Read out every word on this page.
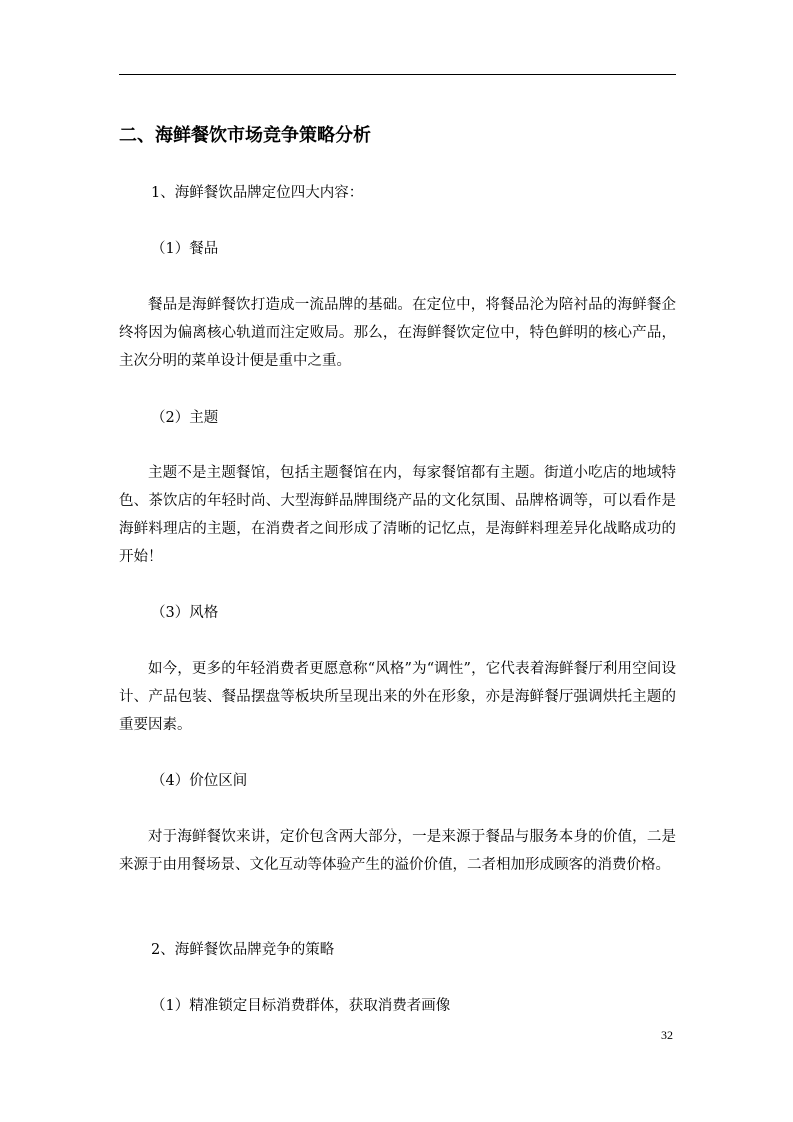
二、海鲜餐饮市场竞争策略分析

1、海鲜餐饮品牌定位四大内容：

（1）餐品

餐品是海鲜餐饮打造成一流品牌的基础。在定位中，将餐品沦为陪衬品的海鲜餐企终将因为偏离核心轨道而注定败局。那么，在海鲜餐饮定位中，特色鲜明的核心产品，主次分明的菜单设计便是重中之重。

（2）主题

主题不是主题餐馆，包括主题餐馆在内，每家餐馆都有主题。街道小吃店的地域特色、茶饮店的年轻时尚、大型海鲜品牌围绕产品的文化氛围、品牌格调等，可以看作是海鲜料理店的主题，在消费者之间形成了清晰的记忆点，是海鲜料理差异化战略成功的开始！

（3）风格

如今，更多的年轻消费者更愿意称“风格”为“调性”，它代表着海鲜餐厅利用空间设计、产品包装、餐品摆盘等板块所呈现出来的外在形象，亦是海鲜餐厅强调烘托主题的重要因素。

（4）价位区间

对于海鲜餐饮来讲，定价包含两大部分，一是来源于餐品与服务本身的价值，二是来源于由用餐场景、文化互动等体验产生的溢价价值，二者相加形成顾客的消费价格。

2、海鲜餐饮品牌竞争的策略

（1）精准锁定目标消费群体，获取消费者画像

32
